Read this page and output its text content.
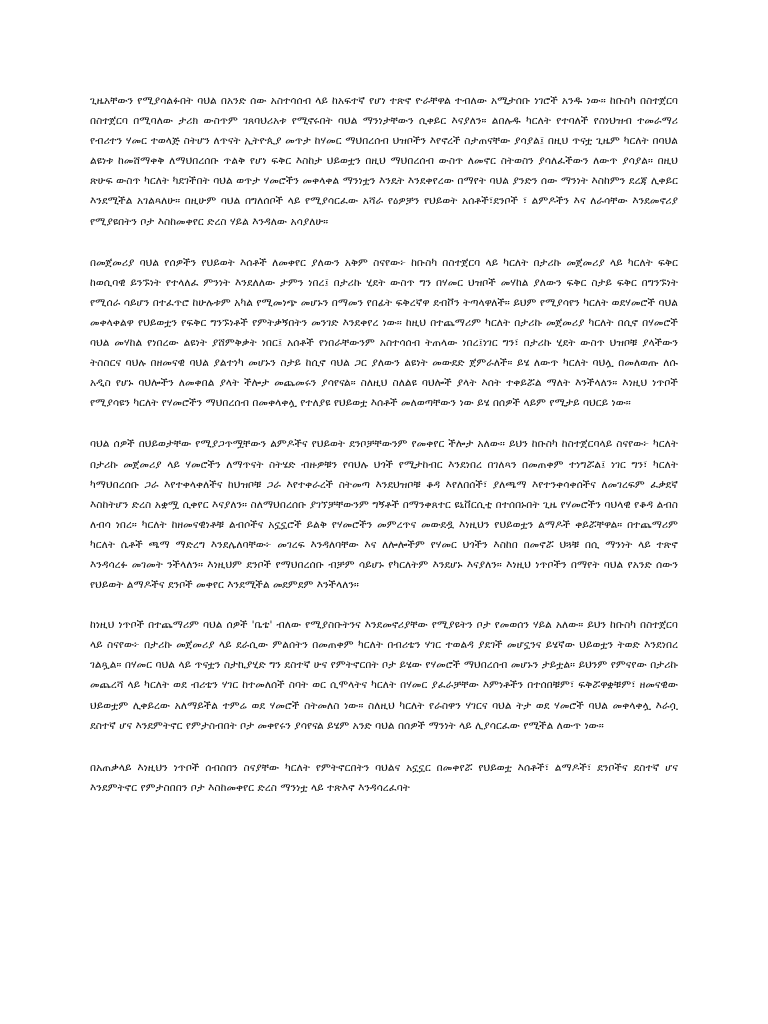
ጊዜአቸውን የሚያሳልፉበት ባህል በአንድ ሰው አስተሳሰብ ላይ ከአፍተኛ የሆነ ተጽኖ ዮራቸዋል ተብለው አሚታሰቡ ነገሮች አንዱ ነው። ከቡስካ በስተጀርባ በስተጀርባ በሚባለው ታሪክ ውስጥም ገጸባህሪአቱ የሚኖሩበት ባህል ማንነታቸውን ሲቀይር እናያለን። ልበሉዱ ካርለት የተባለች የስነህዝብ ተመራማሪ የብሪተን ሃመር ተወላጅ ስትሆን ለጥናት ኢትዮጲያ መጥታ ከሃመር ማህበረሰብ ህዝቦችን እየኖረች ስታጠናቸው ያሳያል፤ በዚህ ጥናቷ ጊዜም ካርለት በባህል ልዩነቱ ከመሸማቀቅ ለማህበረሰቡ ጥልቅ የሆነ ፍቅር እስከታ ህይወቷን በዚህ ማህበረሰብ ውስጥ ለመኖር ስትወስን ያሳለፈችውን ለውጥ ያሳያል። በዚህ ጽሁፍ ውስጥ ካርለት ካደገችበት ባህል ወጥታ ሃመሮችን መቀላቀል ማንነቷን እንዴት እንደቀየረው በማየት ባህል ያንድን ሰው ማንነት እስከምን ደረጃ ሊቀይር እንደሚችል አገልጻለሁ። በዚሁም ባህል በግለሰቦች ላይ የሚያሳርፈው አሻራ የዕዎቻን የህይወት አሰቶች፣ደንቦች ፣ ልምዶችን እና ለራሳቸው እንደመኖሪያ የሚያዩበትን ቦታ እስከመቀየር ድረስ ሃይል እንዳለው አሳያለሁ።

በመጀመሪያ ባህል የሰዎችን የህይወት እሰቶች ለመቀየር ያለውን አቅም ስናየው፦ ከቡስካ በስተጀርባ ላይ ካርለት በታሪኩ መጀመሪያ ላይ ካርለት ፍቅር ከወሲባዊ ይንኙነት የተላለፈ ምንነት እንደለለው ታምን ነበረ፤ በታሪኩ ሂደት ውስጥ ግን በሃመር ህዝቦች መሃከል ያለውን ፍቅር ስታይ ፍቅር በግንኙነት የሚሰራ ሳይሆን በተፈጥሮ ከሁሉቱም አካል የሚመነጭ መሆኑን በማመን የበፊት ፍቅረኛዋ ደብቮን ትጣላዋለች። ይህም የሚያሳየን ካርለት ወደሃመሮች ባህል መቀላቀልዋ የህይወቷን የፍቅር ግንኙነቶች የምትቃኝበትን መንገድ እንደቀየረ ነው። ከዚህ በተጨማሪም ካርለት በታሪኩ መጀመሪያ ካርለት በሲኖ በሃመሮች ባህል መሃከል የነበረው ልዩነት ያሸምቅቃት ነበር፤ አሰቶች የነበራቸውንም አስተሳሰብ ትጠላው ነበረ፤ነገር ግን፣ በታሪኩ ሂደት ውስጥ ህዝቦቹ ያላችውን ትስስርና ባህሉ በዘመናዊ ባህል ያልተነካ መሆኑን ስታይ ከሲኖ ባህል ጋር ያለውን ልዩነት መውደድ ጀምራለች። ይሄ ለውጥ ካርለት ባህሏ በመለወጡ ለሱ አዲስ የሆኑ ባህሎችን ለመቀበል ያላት ችሎታ መጨመሩን ያሳየናል። ስለዚህ ስለልዩ ባህሎች ያላት እሰት ተቀይሯል ማለት እንችላለን። እነዚህ ነጥቦች የሚያሳዩን ካርለት የሃመሮችን ማህበረሰብ በመቀላቀሏ የተለያዩ የህይወቷ እሰቶች መለወጣቸውን ነው ይሄ በሰዎች ላይም የሚታይ ባህርይ ነው።

ባህል ሰዎች በህይወታቸው የሚያጋጥሟቸውን ልምዶችና የህይወት ደንቦቻቸውንም የመቀየር ችሎታ አለው። ይህን ከቡስካ ከስተጀርባላይ ስናየው፦ ካርለት በታሪኩ መጀመሪያ ላይ ሃመሮችን ለማጥናት ስትሄድ ብዙዎቹን የባህሉ ህጎች የሚታከብር እንደነበረ በገለጻን በመጠቀም ተነግሯል፤ ነገር ግን፣ ካርለት ካማህበረሰቡ ጋራ እየተቀላቀለችና ከህዝቦቹ ጋራ እየተቀራረች ስትመጣ እንደህዝቦቹ ቆዳ እየለበሰች፣ ያለጫማ እየተንቀሳቀሰችና ለመገረፍም ፈቃደኛ እስከትሆን ድረስ አቋሟ ሲቀየር እናያለን። ስለማህበረሰቡ ያገኘቻቸውንም ግኝቶች በማንቀጸተር ዩኒቨርሲቲ በተሰበኑበት ጊዜ የሃመሮችን ባህላዊ የቆዳ ልብስ ለብሳ ነበረ። ካርለት ከዘመናዊነቶቹ ልብሶችና አኗኗሮች ይልቅ የሃመሮችን መምረጥና መውደዷ እነዚህን የህይወቷን ልማዶች ቀይሯቸዋል። በተጨማሪም ካርለት ሴቶች ጫማ ማድረግ እንደሌለባቸው፦ መገረፍ እንዳለባቸው እና ለሎሎችም የሃመር ህጎችን እስከበ በመኖሯ ህጓቹ በሲ ማንነት ላይ ተጽኖ እንዳሳረፉ መገመት ንችላለን። እነዚህም ደንቦች የማህበረሰቡ ብቻም ሳይሆኑ የካርለትም እንደሆኑ እናያለን። እነዚህ ነጥቦችን በማየት ባህል የአንድ ሰውን የህይወት ልማዶችና ደንቦች መቀየር እንደሚችል መደምደም እንችላለን።

ከነዚህ ነጥቦች በተጨማሪም ባህል ሰዎች 'ቤቴ' ብለው የሚያስቡትንና እንደመኖሪያቸው የሚያዩትን ቦታ የመወሰን ሃይል አለው። ይህን ከቡስካ በስተጀርባ ላይ ስናየው፦ በታሪኩ መጀመሪያ ላይ ደራሲው ምልሰትን በመጠቀም ካርለት በብሪቴን ሃገር ተወልዳ ያደገች መሆኗንና ይሄኛው ህይወቷን ትወድ እንደነበረ ገልጿል። በሃመር ባህል ላይ ጥናቷን ስታኪያሂድ ግን ደስተኛ ሁና የምትኖርበት ቦታ ይሄው የሃመሮች ማህበረሰብ መሆኑን ታይቷል። ይህንም የምናየው በታሪኩ መጨረሻ ላይ ካርለት ወደ ብሪቴን ሃገር ከተመለሰች ስባት ወር ሲሞላትና ካርለት በሃመር ያፈራቻቸው እምነቶችን በተሰበቹም፣ ፍቅሯዋቋቹም፣ ዘመናዊው ህይወቷም ሊቀይረው አለማይችል ተምሬ ወደ ሃመሮች ስትመለስ ነው። ስለዚህ ካርለት የራስዋን ሃገርና ባህል ትታ ወደ ሃመሮች ባህል መቀላቀሏ እራሷ ደስተኛ ሆና እንደምትኖር የምታስብበት ቦታ መቀየሩን ያሳየናል ይሄም አንድ ባህል በሰዎች ማንነት ላይ ሊያሳርፈው የሚችል ለውጥ ነው።

በአጠቃላይ እነዚህን ነጥቦች ሰብስበን ስናያቸው ካርለት የምትኖርበትን ባህልና አኗኗር በመቀየሯ የህይወቷ እሰቶች፣ ልማዶች፣ ደንቦችና ደስተኛ ሆና እንደምትኖር የምታስበበን ቦታ እስከመቀየር ድረስ ማንነቷ ላይ ተጽእኖ እንዳሳረፈባት
